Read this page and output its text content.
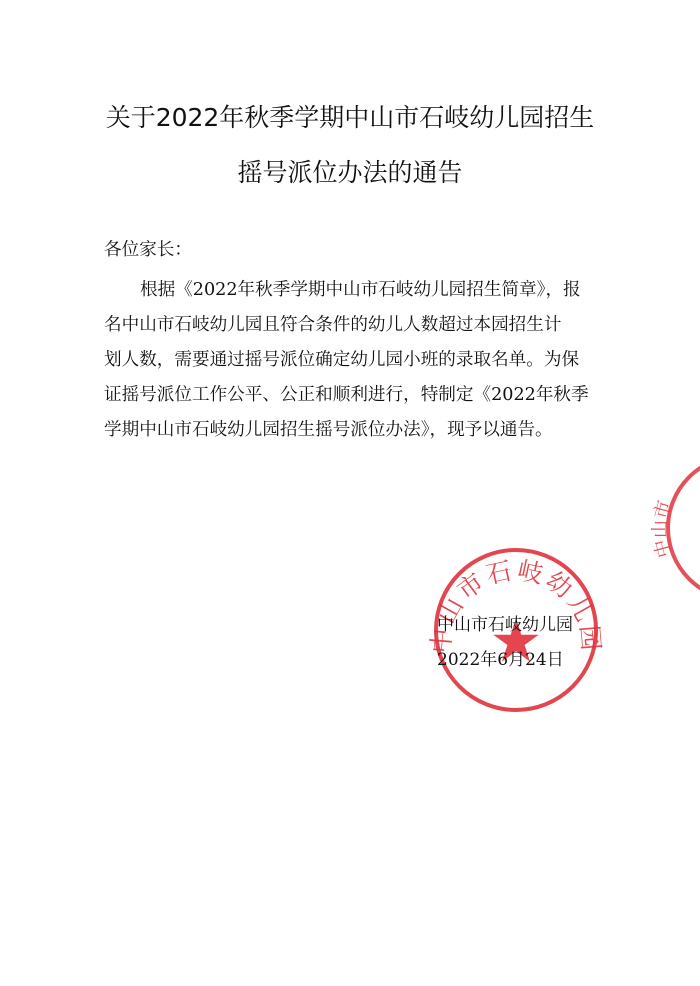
关于2022年秋季学期中山市石岐幼儿园招生
摇号派位办法的通告
各位家长：
根据《2022年秋季学期中山市石岐幼儿园招生简章》，报
名中山市石岐幼儿园且符合条件的幼儿人数超过本园招生计
划人数，需要通过摇号派位确定幼儿园小班的录取名单。为保
证摇号派位工作公平、公正和顺利进行，特制定《2022年秋季
学期中山市石岐幼儿园招生摇号派位办法》，现予以通告。
中山市石岐幼儿园
中山市
中山市石岐幼儿园
2022年6月24日
